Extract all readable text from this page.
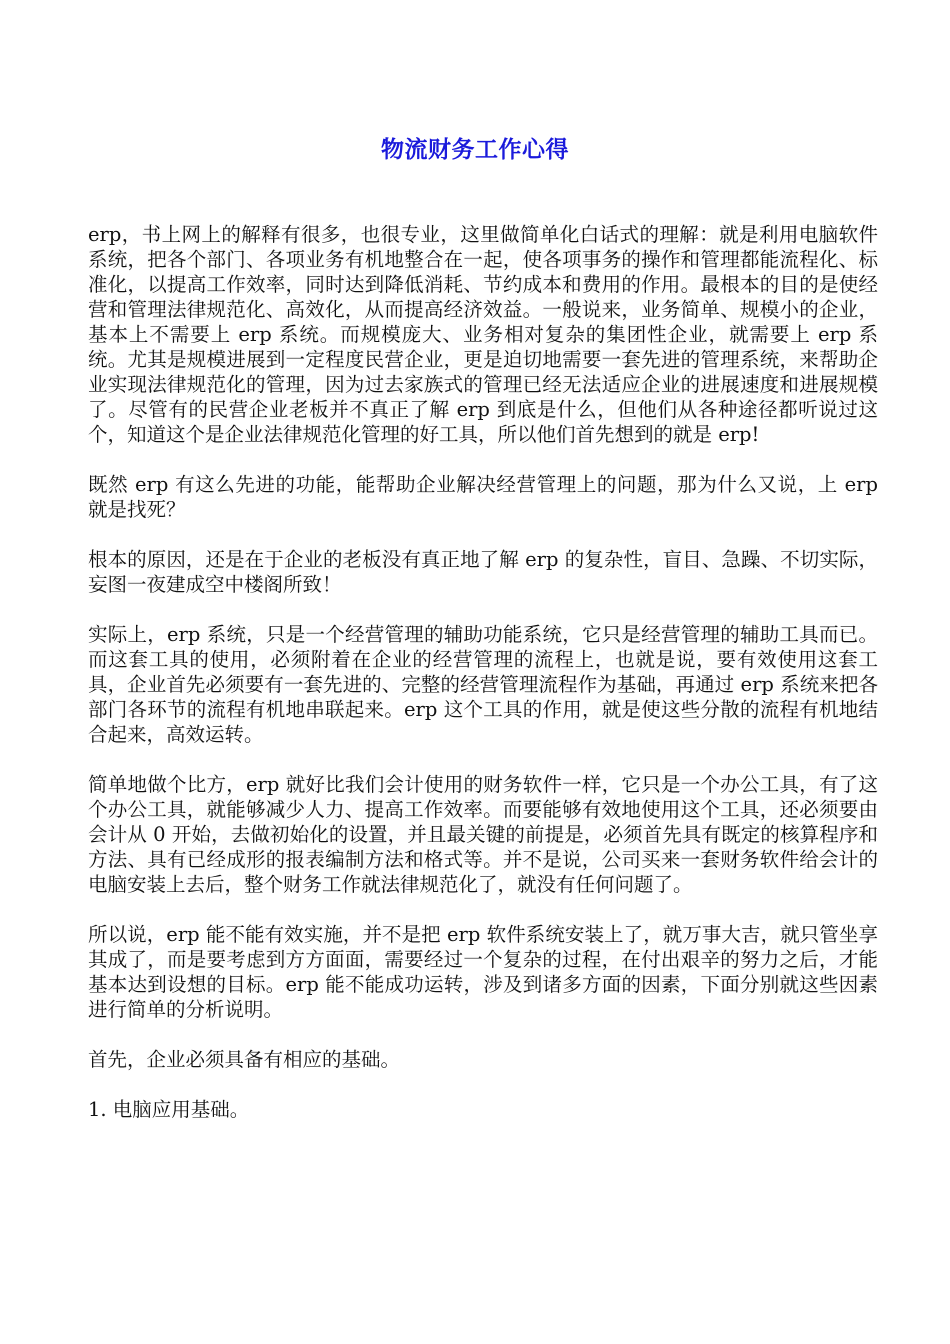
物流财务工作心得

erp，书上网上的解释有很多，也很专业，这里做简单化白话式的理解：就是利用电脑软件系统，把各个部门、各项业务有机地整合在一起，使各项事务的操作和管理都能流程化、标准化，以提高工作效率，同时达到降低消耗、节约成本和费用的作用。最根本的目的是使经营和管理法律规范化、高效化，从而提高经济效益。一般说来，业务简单、规模小的企业，基本上不需要上 erp 系统。而规模庞大、业务相对复杂的集团性企业，就需要上 erp 系统。尤其是规模进展到一定程度民营企业，更是迫切地需要一套先进的管理系统，来帮助企业实现法律规范化的管理，因为过去家族式的管理已经无法适应企业的进展速度和进展规模了。尽管有的民营企业老板并不真正了解 erp 到底是什么，但他们从各种途径都听说过这个，知道这个是企业法律规范化管理的好工具，所以他们首先想到的就是 erp!

既然 erp 有这么先进的功能，能帮助企业解决经营管理上的问题，那为什么又说，上 erp 就是找死？

根本的原因，还是在于企业的老板没有真正地了解 erp 的复杂性，盲目、急躁、不切实际，妄图一夜建成空中楼阁所致！

实际上，erp 系统，只是一个经营管理的辅助功能系统，它只是经营管理的辅助工具而已。而这套工具的使用，必须附着在企业的经营管理的流程上，也就是说，要有效使用这套工具，企业首先必须要有一套先进的、完整的经营管理流程作为基础，再通过 erp 系统来把各部门各环节的流程有机地串联起来。erp 这个工具的作用，就是使这些分散的流程有机地结合起来，高效运转。

简单地做个比方，erp 就好比我们会计使用的财务软件一样，它只是一个办公工具，有了这个办公工具，就能够减少人力、提高工作效率。而要能够有效地使用这个工具，还必须要由会计从 0 开始，去做初始化的设置，并且最关键的前提是，必须首先具有既定的核算程序和方法、具有已经成形的报表编制方法和格式等。并不是说，公司买来一套财务软件给会计的电脑安装上去后，整个财务工作就法律规范化了，就没有任何问题了。

所以说，erp 能不能有效实施，并不是把 erp 软件系统安装上了，就万事大吉，就只管坐享其成了，而是要考虑到方方面面，需要经过一个复杂的过程，在付出艰辛的努力之后，才能基本达到设想的目标。erp 能不能成功运转，涉及到诸多方面的因素，下面分别就这些因素进行简单的分析说明。

首先，企业必须具备有相应的基础。

1. 电脑应用基础。
